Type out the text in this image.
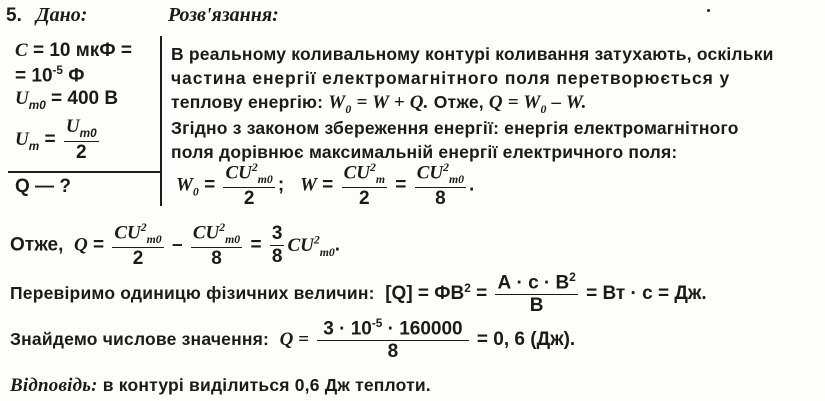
5. Дано:	Розв'язання:
C = 10 мкФ =
= $10^{-5}$ Ф
$U_{m0} = 400$ В
$U_m = \frac{U_{m0}}{2}$
Q — ?
В реальному коливальному контурі коливання затухають, оскільки
частина енергії електромагнітного поля перетворюється у
теплову енергію: $W_0 = W + Q$. Отже, $Q = W_0 - W$.
Згідно з законом збереження енергії: енергія електромагнітного
поля дорівнює максимальній енергії електричного поля:
$W_0 = \frac{CU^2_{m0}}{2}$ ; $W = \frac{CU^2_m}{2} = \frac{CU^2_{m0}}{8}$ .
Отже, $Q = \frac{CU^2_{m0}}{2} - \frac{CU^2_{m0}}{8} = \frac{3}{8} CU^2_{m0}$.
Перевіримо одиницю фізичних величин: $[Q] = ФВ^2 = \frac{А \cdot с \cdot В^2}{В}$ = Вт · с = Дж.
Знайдемо числове значення: $Q = \frac{3 \cdot 10^{-5} \cdot 160000}{8} = 0$, 6 (Дж).
Відповідь: в контурі виділиться 0,6 Дж теплоти.
